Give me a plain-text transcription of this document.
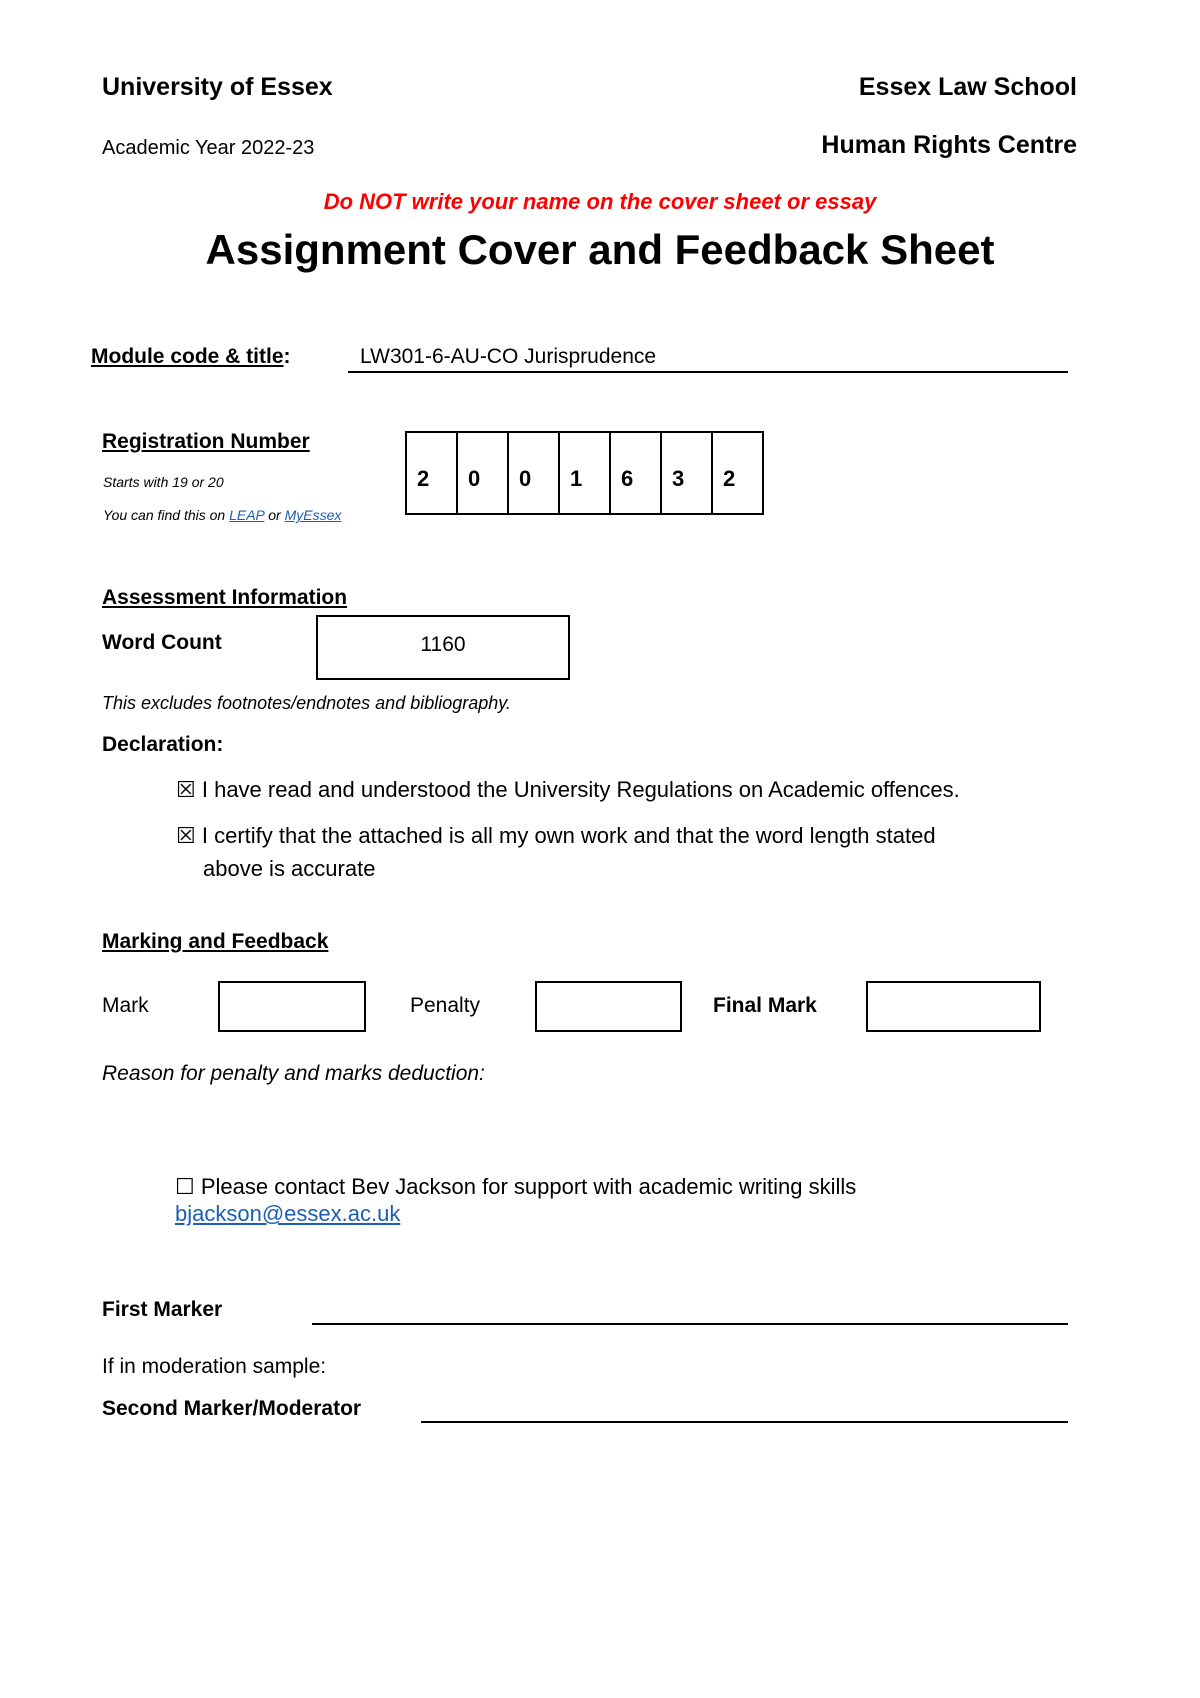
University of Essex
Academic Year 2022-23
Essex Law School
Human Rights Centre
Do NOT write your name on the cover sheet or essay
Assignment Cover and Feedback Sheet
Module code & title:	LW301-6-AU-CO Jurisprudence
Registration Number
Starts with 19 or 20
You can find this on LEAP or MyEssex
2	0	0	1	6	3	2
Assessment Information
Word Count	1160
This excludes footnotes/endnotes and bibliography.
Declaration:
☒ I have read and understood the University Regulations on Academic offences.
☒ I certify that the attached is all my own work and that the word length stated
above is accurate
Marking and Feedback
Mark	Penalty	Final Mark
Reason for penalty and marks deduction:
☐ Please contact Bev Jackson for support with academic writing skills
bjackson@essex.ac.uk
First Marker
If in moderation sample:
Second Marker/Moderator
